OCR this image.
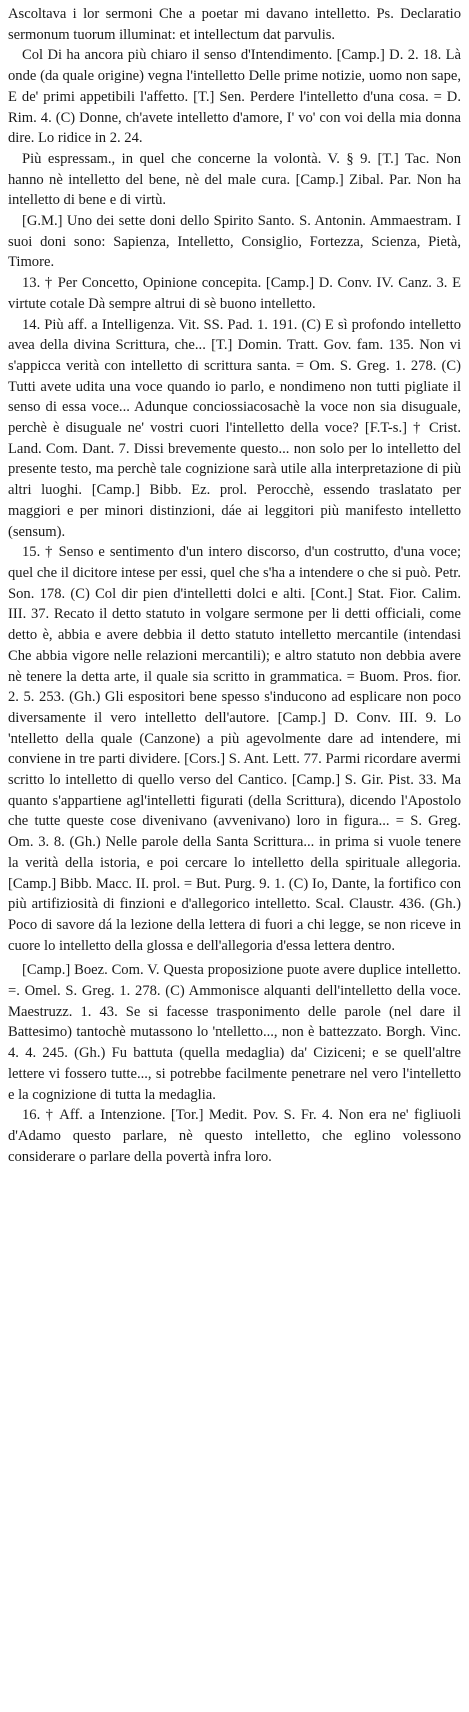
Ascoltava i lor sermoni Che a poetar mi davano intelletto. Ps. Declaratio sermonum tuorum illuminat: et intellectum dat parvulis.

Col Di ha ancora più chiaro il senso d'Intendimento. [Camp.] D. 2. 18. Là onde (da quale origine) vegna l'intelletto Delle prime notizie, uomo non sape, E de' primi appetibili l'affetto. [T.] Sen. Perdere l'intelletto d'una cosa. = D. Rim. 4. (C) Donne, ch'avete intelletto d'amore, I' vo' con voi della mia donna dire. Lo ridice in 2. 24.

Più espressam., in quel che concerne la volontà. V. § 9. [T.] Tac. Non hanno nè intelletto del bene, nè del male cura. [Camp.] Zibal. Par. Non ha intelletto di bene e di virtù.

[G.M.] Uno dei sette doni dello Spirito Santo. S. Antonin. Ammaestram. I suoi doni sono: Sapienza, Intelletto, Consiglio, Fortezza, Scienza, Pietà, Timore.

13. † Per Concetto, Opinione concepita. [Camp.] D. Conv. IV. Canz. 3. E virtute cotale Dà sempre altrui di sè buono intelletto.

14. Più aff. a Intelligenza. Vit. SS. Pad. 1. 191. (C) E sì profondo intelletto avea della divina Scrittura, che... [T.] Domin. Tratt. Gov. fam. 135. Non vi s'appicca verità con intelletto di scrittura santa. = Om. S. Greg. 1. 278. (C) Tutti avete udita una voce quando io parlo, e nondimeno non tutti pigliate il senso di essa voce... Adunque conciossiacosachè la voce non sia disuguale, perchè è disuguale ne' vostri cuori l'intelletto della voce? [F.T-s.] † Crist. Land. Com. Dant. 7. Dissi brevemente questo... non solo per lo intelletto del presente testo, ma perchè tale cognizione sarà utile alla interpretazione di più altri luoghi. [Camp.] Bibb. Ez. prol. Perocchè, essendo traslatato per maggiori e per minori distinzioni, dáe ai leggitori più manifesto intelletto (sensum).

15. † Senso e sentimento d'un intero discorso, d'un costrutto, d'una voce; quel che il dicitore intese per essi, quel che s'ha a intendere o che si può. Petr. Son. 178. (C) Col dir pien d'intelletti dolci e alti. [Cont.] Stat. Fior. Calim. III. 37. Recato il detto statuto in volgare sermone per li detti officiali, come detto è, abbia e avere debbia il detto statuto intelletto mercantile (intendasi Che abbia vigore nelle relazioni mercantili); e altro statuto non debbia avere nè tenere la detta arte, il quale sia scritto in grammatica. = Buom. Pros. fior. 2. 5. 253. (Gh.) Gli espositori bene spesso s'inducono ad esplicare non poco diversamente il vero intelletto dell'autore. [Camp.] D. Conv. III. 9. Lo 'ntelletto della quale (Canzone) a più agevolmente dare ad intendere, mi conviene in tre parti dividere. [Cors.] S. Ant. Lett. 77. Parmi ricordare avermi scritto lo intelletto di quello verso del Cantico. [Camp.] S. Gir. Pist. 33. Ma quanto s'appartiene agl'intelletti figurati (della Scrittura), dicendo l'Apostolo che tutte queste cose divenivano (avvenivano) loro in figura... = S. Greg. Om. 3. 8. (Gh.) Nelle parole della Santa Scrittura... in prima si vuole tenere la verità della istoria, e poi cercare lo intelletto della spirituale allegoria. [Camp.] Bibb. Macc. II. prol. = But. Purg. 9. 1. (C) Io, Dante, la fortifico con più artifiziosità di finzioni e d'allegorico intelletto. Scal. Claustr. 436. (Gh.) Poco di savore dá la lezione della lettera di fuori a chi legge, se non riceve in cuore lo intelletto della glossa e dell'allegoria d'essa lettera dentro.

[Camp.] Boez. Com. V. Questa proposizione puote avere duplice intelletto. =. Omel. S. Greg. 1. 278. (C) Ammonisce alquanti dell'intelletto della voce. Maestruzz. 1. 43. Se si facesse trasponimento delle parole (nel dare il Battesimo) tantochè mutassono lo 'ntelletto..., non è battezzato. Borgh. Vinc. 4. 4. 245. (Gh.) Fu battuta (quella medaglia) da' Ciziceni; e se quell'altre lettere vi fossero tutte..., si potrebbe facilmente penetrare nel vero l'intelletto e la cognizione di tutta la medaglia.

16. † Aff. a Intenzione. [Tor.] Medit. Pov. S. Fr. 4. Non era ne' figliuoli d'Adamo questo parlare, nè questo intelletto, che eglino volessono considerare o parlare della povertà infra loro.
